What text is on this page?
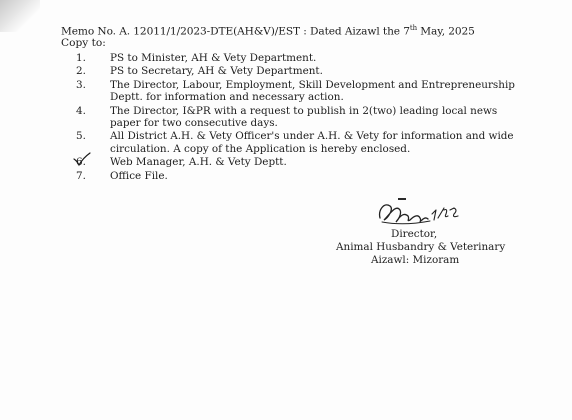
Memo No. A. 12011/1/2023-DTE(AH&V)/EST : Dated Aizawl the 7th May, 2025
Copy to:
1.	PS to Minister, AH & Vety Department.
2.	PS to Secretary, AH & Vety Department.
3.	The Director, Labour, Employment, Skill Development and Entrepreneurship Deptt. for information and necessary action.
4.	The Director, I&PR with a request to publish in 2(two) leading local news paper for two consecutive days.
5.	All District A.H. & Vety Officer's under A.H. & Vety for information and wide circulation. A copy of the Application is hereby enclosed.
6.	Web Manager, A.H. & Vety Deptt.
7.	Office File.
Director,
Animal Husbandry & Veterinary
Aizawl: Mizoram
